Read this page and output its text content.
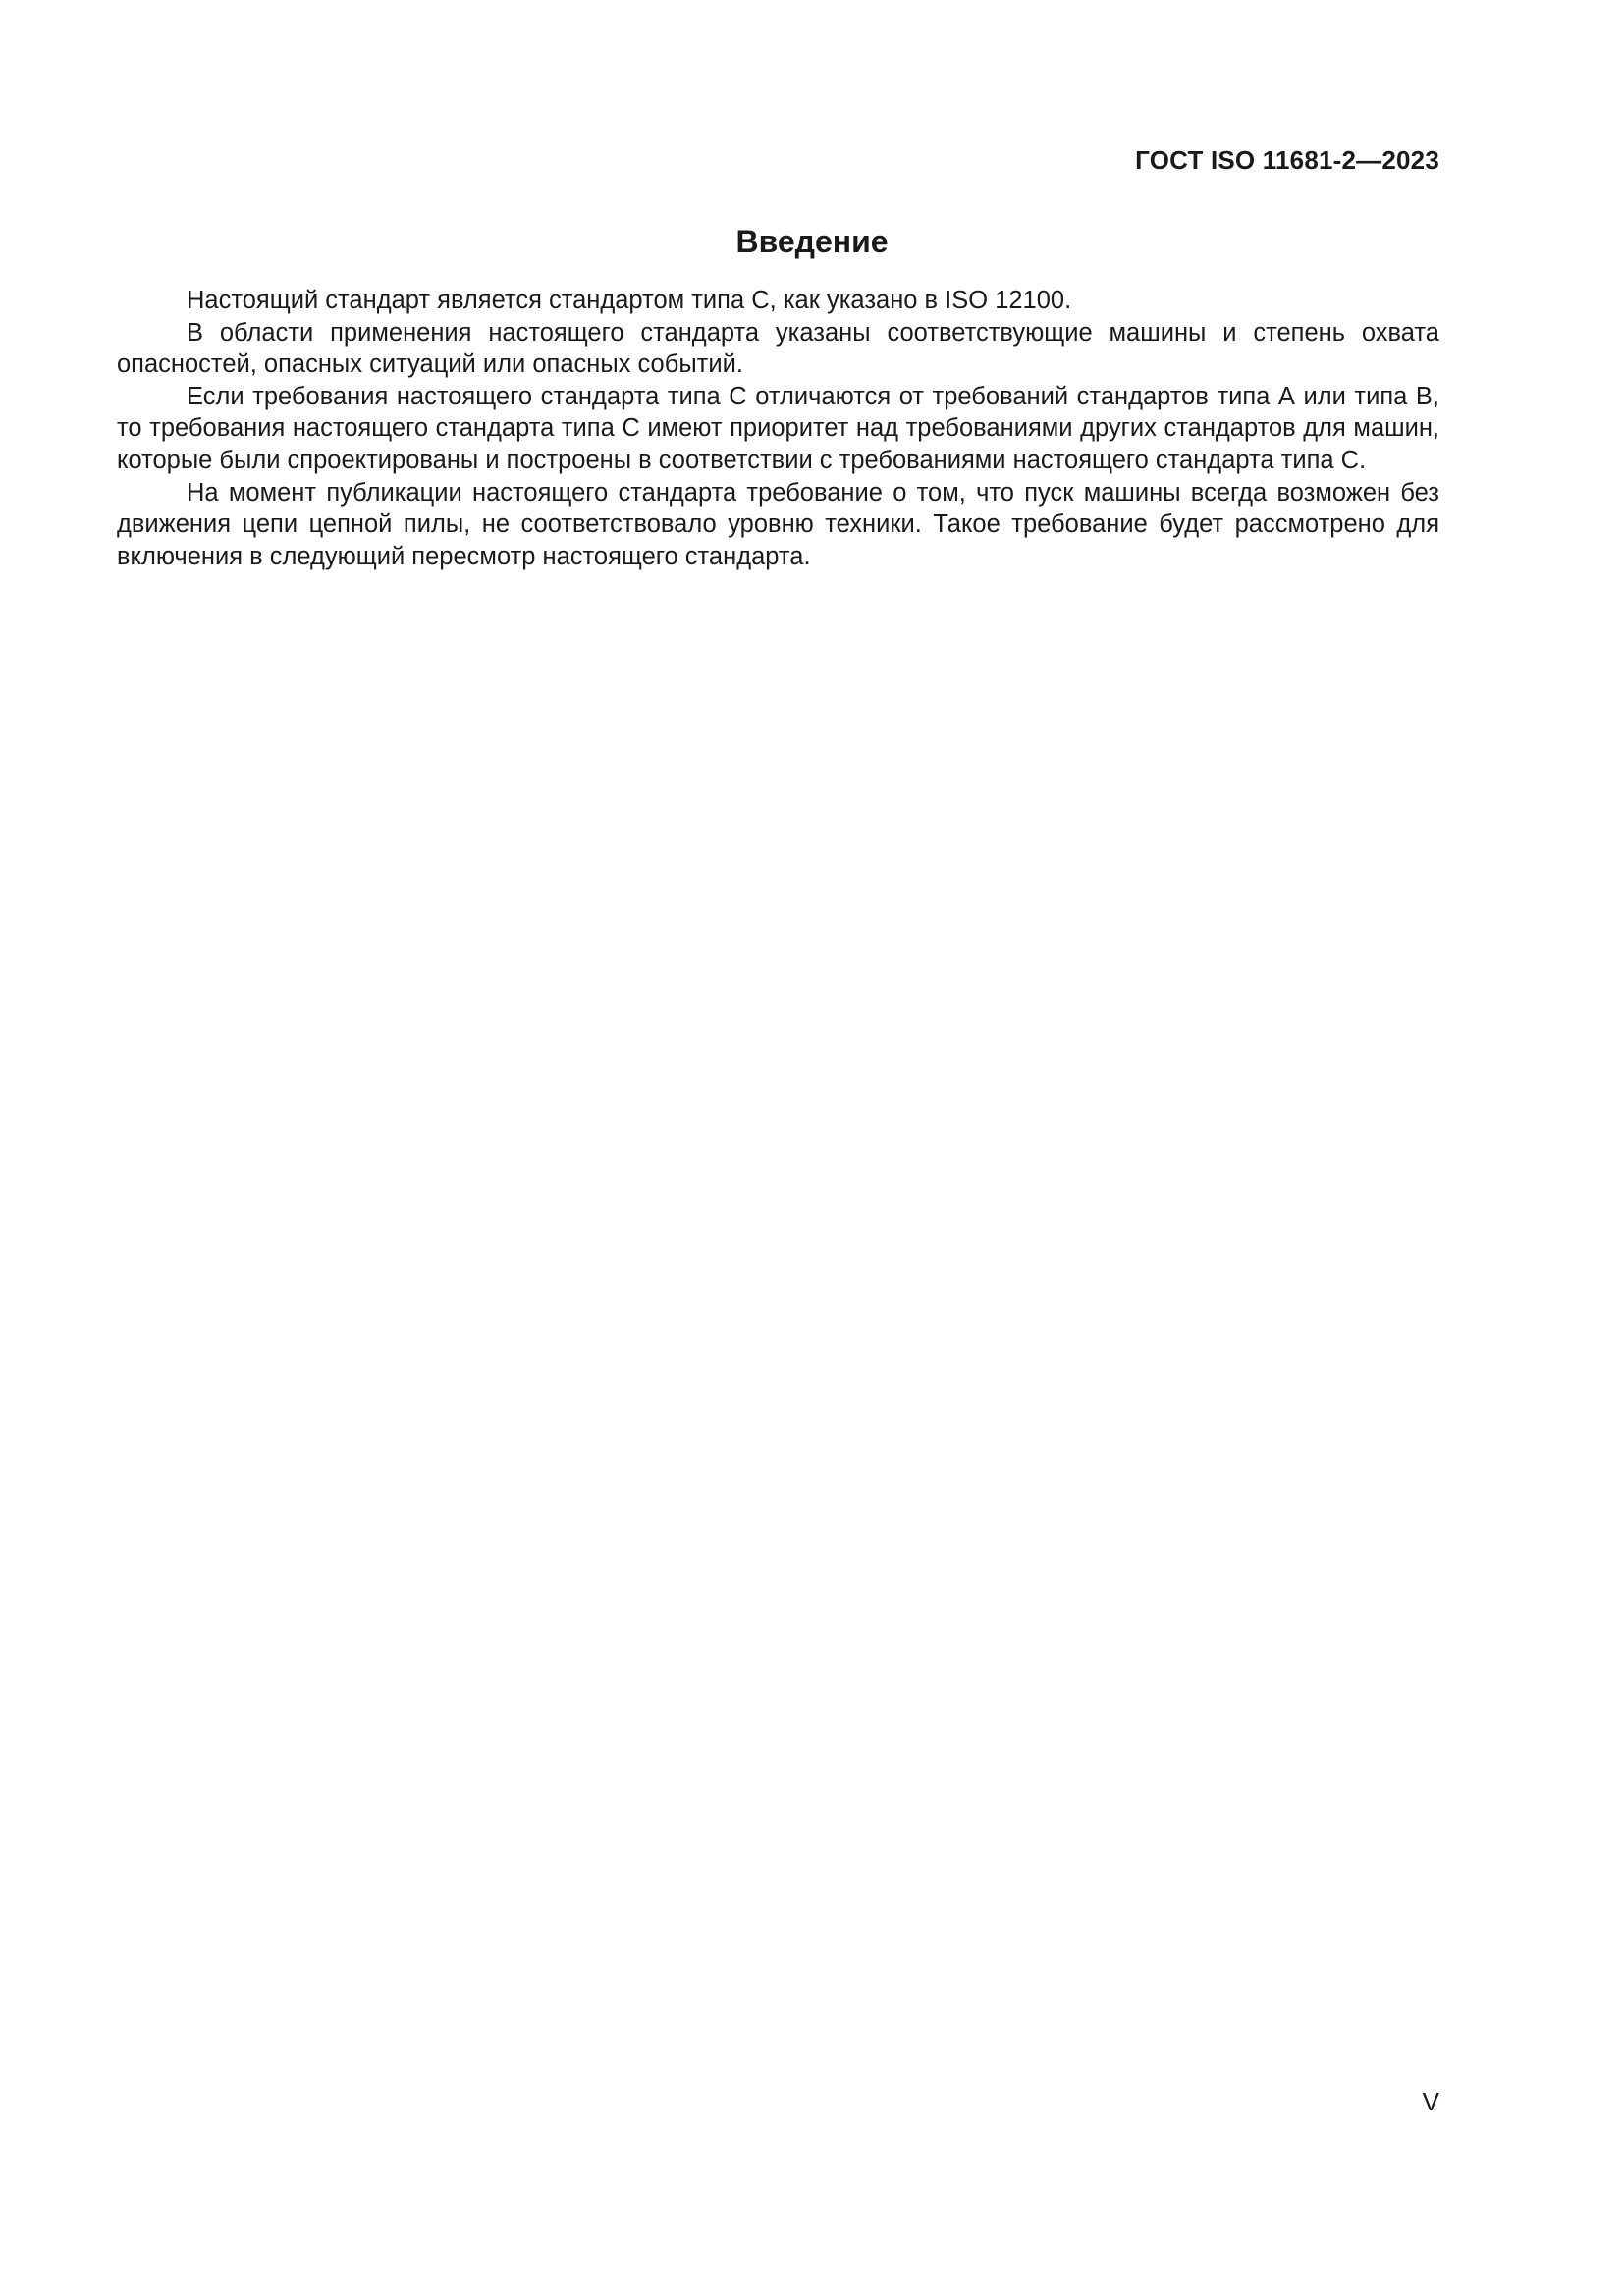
ГОСТ ISO 11681-2—2023
Введение

Настоящий стандарт является стандартом типа С, как указано в ISO 12100.

В области применения настоящего стандарта указаны соответствующие машины и степень охвата опасностей, опасных ситуаций или опасных событий.

Если требования настоящего стандарта типа С отличаются от требований стандартов типа А или типа В, то требования настоящего стандарта типа С имеют приоритет над требованиями других стандартов для машин, которые были спроектированы и построены в соответствии с требованиями настоящего стандарта типа С.

На момент публикации настоящего стандарта требование о том, что пуск машины всегда возможен без движения цепи цепной пилы, не соответствовало уровню техники. Такое требование будет рассмотрено для включения в следующий пересмотр настоящего стандарта.

V
